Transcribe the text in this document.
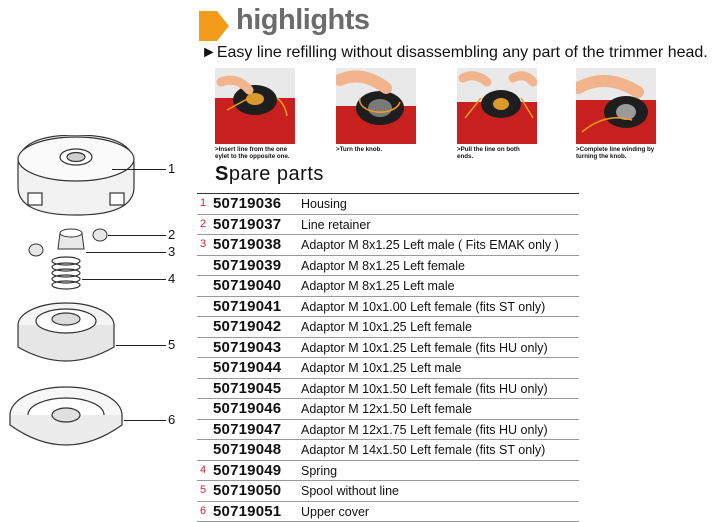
highlights
►Easy line refilling without disassembling any part of the trimmer head.
>Insert line from the one eylet to the opposite one.
>Turn the knob.	>Pull the line on both ends.
>Complete line winding by turning the knob.
Spare parts
1 50719036 Housing
2 50719037 Line retainer
3 50719038 Adaptor M 8x1.25 Left male ( Fits EMAK only )
50719039 Adaptor M 8x1.25 Left female
50719040 Adaptor M 8x1.25 Left male
50719041 Adaptor M 10x1.00 Left female (fits ST only)
50719042 Adaptor M 10x1.25 Left female
50719043 Adaptor M 10x1.25 Left female (fits HU only)
50719044 Adaptor M 10x1.25 Left male
50719045 Adaptor M 10x1.50 Left female (fits HU only)
50719046 Adaptor M 12x1.50 Left female
50719047 Adaptor M 12x1.75 Left female (fits HU only)
50719048 Adaptor M 14x1.50 Left female (fits ST only)
4 50719049 Spring
5 50719050 Spool without line
6 50719051 Upper cover
1
2
3
4
5
6
